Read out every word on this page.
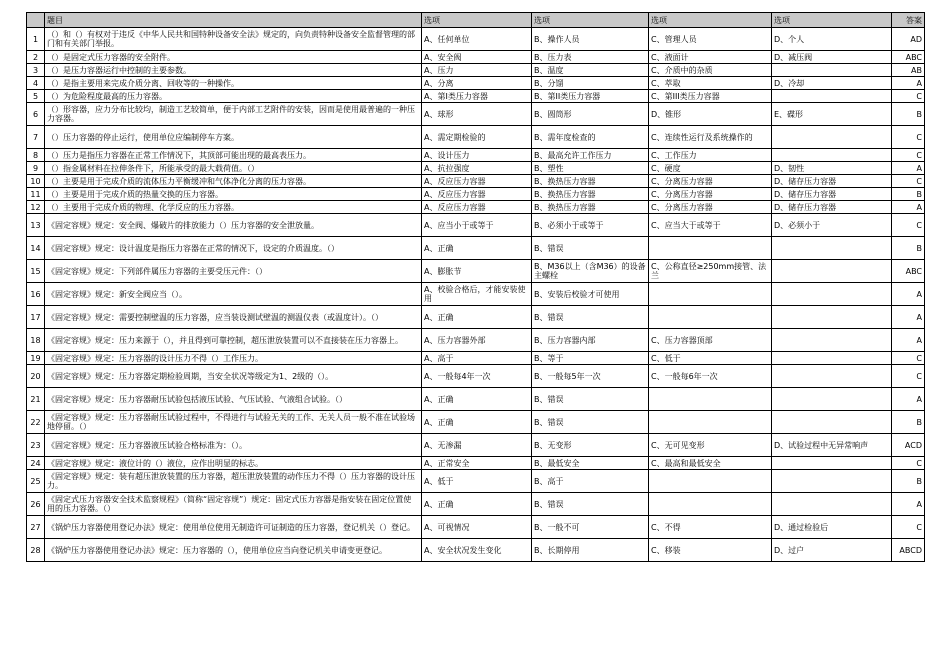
	题目	选项	选项	选项	选项	答案
1	（）和（）有权对于违反《中华人民共和国特种设备安全法》规定的，向负责特种设备安全监督管理的部门和有关部门举报。	A、任何单位	B、操作人员	C、管理人员	D、个人	AD
2	（）是固定式压力容器的安全附件。	A、安全阀	B、压力表	C、液面计	D、减压阀	ABC
3	（）是压力容器运行中控制的主要参数。	A、压力	B、温度	C、介质中的杂质		AB
4	（）是指主要用来完成介质分离、回收等的一种操作。	A、分离	B、分馏	C、萃取	D、冷却	A
5	（）为危险程度最高的压力容器。	A、第I类压力容器	B、第II类压力容器	C、第III类压力容器		C
6	（）形容器，应力分布比较均，制造工艺较简单，便于内部工艺附件的安装，因而是使用最普遍的一种压力容器。	A、球形	B、圆筒形	D、锥形	E、碟形	B
7	（）压力容器的停止运行，使用单位应编制停车方案。	A、需定期检验的	B、需年度检查的	C、连续性运行及系统操作的		C
8	（）压力是指压力容器在正常工作情况下，其顶部可能出现的最高表压力。	A、设计压力	B、最高允许工作压力	C、工作压力		C
9	（）指金属材料在拉伸条件下，所能承受的最大载荷值。（）	A、抗拉强度	B、塑性	C、硬度	D、韧性	A
10	（）主要是用于完成介质的流体压力平衡缓冲和气体净化分离的压力容器。	A、反应压力容器	B、换热压力容器	C、分离压力容器	D、储存压力容器	C
11	（）主要是用于完成介质的热量交换的压力容器。	A、反应压力容器	B、换热压力容器	C、分离压力容器	D、储存压力容器	B
12	（）主要用于完成介质的物理、化学反应的压力容器。	A、反应压力容器	B、换热压力容器	C、分离压力容器	D、储存压力容器	A
13	《固定容规》规定：安全阀、爆破片的排放能力（）压力容器的安全泄放量。	A、应当小于或等于	B、必须小于或等于	C、应当大于或等于	D、必须小于	C
14	《固定容规》规定：设计温度是指压力容器在正常的情况下，设定的介质温度。（）	A、正确	B、错误			B
15	《固定容规》规定：下列部件属压力容器的主要受压元件：（）	A、膨胀节	B、M36以上（含M36）的设备主螺栓	C、公称直径≥250mm接管、法兰		ABC
16	《固定容规》规定：新安全阀应当（）。	A、校验合格后，才能安装使用	B、安装后校验才可使用			A
17	《固定容规》规定：需要控制壁温的压力容器，应当装设测试壁温的测温仪表（或温度计）。（）	A、正确	B、错误			A
18	《固定容规》规定：压力来源于（），并且得到可靠控制，超压泄放装置可以不直接装在压力容器上。	A、压力容器外部	B、压力容器内部	C、压力容器顶部		A
19	《固定容规》规定：压力容器的设计压力不得（）工作压力。	A、高于	B、等于	C、低于		C
20	《固定容规》规定：压力容器定期检验周期，当安全状况等级定为1、2级的（）。	A、一般每4年一次	B、一般每5年一次	C、一般每6年一次		C
21	《固定容规》规定：压力容器耐压试验包括液压试验、气压试验、气液组合试验。（）	A、正确	B、错误			A
22	《固定容规》规定：压力容器耐压试验过程中，不得进行与试验无关的工作、无关人员一般不准在试验场地停留。（）	A、正确	B、错误			B
23	《固定容规》规定：压力容器液压试验合格标准为：（）。	A、无渗漏	B、无变形	C、无可见变形	D、试验过程中无异常响声	ACD
24	《固定容规》规定：液位计的（）液位，应作出明显的标志。	A、正常安全	B、最低安全	C、最高和最低安全		C
25	《固定容规》规定：装有超压泄放装置的压力容器，超压泄放装置的动作压力不得（）压力容器的设计压力。	A、低于	B、高于			B
26	《固定式压力容器安全技术监察规程》（简称“固定容规”）规定：固定式压力容器是指安装在固定位置使用的压力容器。（）	A、正确	B、错误			A
27	《锅炉压力容器使用登记办法》规定：使用单位使用无制造许可证制造的压力容器，登记机关（）登记。	A、可视情况	B、一般不可	C、不得	D、通过检验后	C
28	《锅炉压力容器使用登记办法》规定：压力容器的（），使用单位应当向登记机关申请变更登记。	A、安全状况发生变化	B、长期停用	C、移装	D、过户	ABCD
